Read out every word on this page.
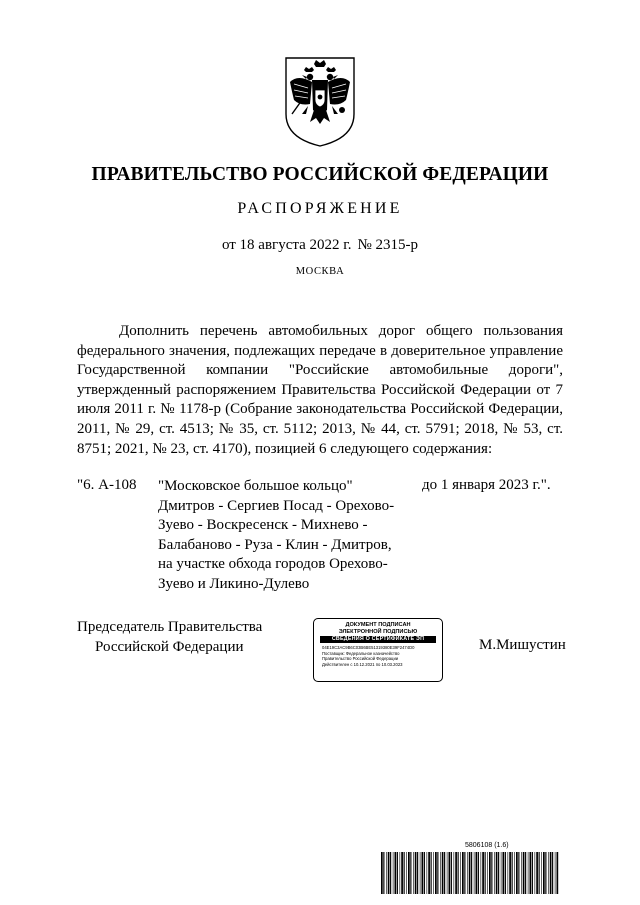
ПРАВИТЕЛЬСТВО РОССИЙСКОЙ ФЕДЕРАЦИИ
РАСПОРЯЖЕНИЕ
от 18 августа 2022 г. № 2315-р
МОСКВА
Дополнить перечень автомобильных дорог общего пользования федерального значения, подлежащих передаче в доверительное управление Государственной компании "Российские автомобильные дороги", утвержденный распоряжением Правительства Российской Федерации от 7 июля 2011 г. № 1178-р (Собрание законодательства Российской Федерации, 2011, № 29, ст. 4513; № 35, ст. 5112; 2013, № 44, ст. 5791; 2018, № 53, ст. 8751; 2021, № 23, ст. 4170), позицией 6 следующего содержания:
"6. А-108 "Московское большое кольцо"
Дмитров - Сергиев Посад - Орехово-
Зуево - Воскресенск - Михнево -
Балабаново - Руза - Клин - Дмитров,
на участке обхода городов Орехово-
Зуево и Ликино-Дулево
до 1 января 2023 г.".
Председатель Правительства
Российской Федерации
ДОКУМЕНТ ПОДПИСАН
ЭЛЕКТРОННОЙ ПОДПИСЬЮ
СВЕДЕНИЯ О СЕРТИФИКАТЕ ЭП
04E19C3AC9B6C03B6BE51319380E39F2474D0
Поставщик: Федеральное казначейство
Правительство Российской Федерации
Действителен с 10.12.2021 по 10.03.2023
М.Мишустин
5806108 (1.6)
